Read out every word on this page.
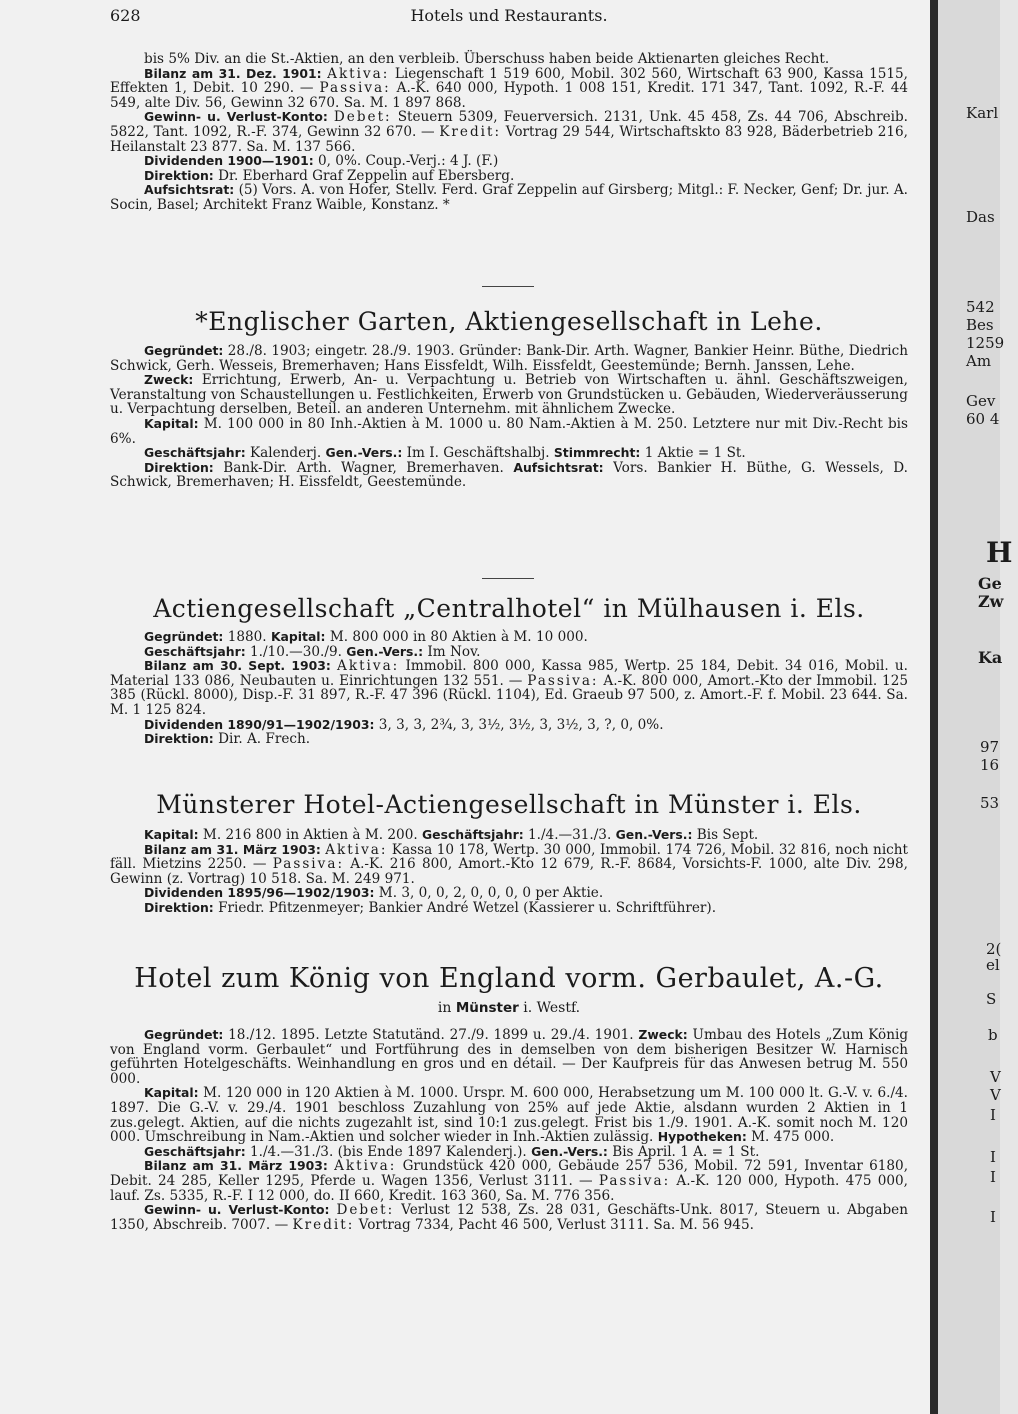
Karl
Das
542
Bes
1259
Am
Gev
60 4
H
Ge
Zw
Ka
97
16
53
2(
el
S
b
V
V
I
I
I
I
628	Hotels und Restaurants.

bis 5% Div. an die St.-Aktien, an den verbleib. Überschuss haben beide Aktienarten gleiches Recht.

Bilanz am 31. Dez. 1901: Aktiva: Liegenschaft 1 519 600, Mobil. 302 560, Wirtschaft 63 900, Kassa 1515, Effekten 1, Debit. 10 290. — Passiva: A.-K. 640 000, Hypoth. 1 008 151, Kredit. 171 347, Tant. 1092, R.-F. 44 549, alte Div. 56, Gewinn 32 670. Sa. M. 1 897 868.

Gewinn- u. Verlust-Konto: Debet: Steuern 5309, Feuerversich. 2131, Unk. 45 458, Zs. 44 706, Abschreib. 5822, Tant. 1092, R.-F. 374, Gewinn 32 670. — Kredit: Vortrag 29 544, Wirtschaftskto 83 928, Bäderbetrieb 216, Heilanstalt 23 877. Sa. M. 137 566.

Dividenden 1900—1901: 0, 0%. Coup.-Verj.: 4 J. (F.)

Direktion: Dr. Eberhard Graf Zeppelin auf Ebersberg.

Aufsichtsrat: (5) Vors. A. von Hofer, Stellv. Ferd. Graf Zeppelin auf Girsberg; Mitgl.: F. Necker, Genf; Dr. jur. A. Socin, Basel; Architekt Franz Waible, Konstanz. *

*Englischer Garten, Aktiengesellschaft in Lehe.

Gegründet: 28./8. 1903; eingetr. 28./9. 1903. Gründer: Bank-Dir. Arth. Wagner, Bankier Heinr. Büthe, Diedrich Schwick, Gerh. Wesseis, Bremerhaven; Hans Eissfeldt, Wilh. Eissfeldt, Geestemünde; Bernh. Janssen, Lehe.

Zweck: Errichtung, Erwerb, An- u. Verpachtung u. Betrieb von Wirtschaften u. ähnl. Geschäftszweigen, Veranstaltung von Schaustellungen u. Festlichkeiten, Erwerb von Grundstücken u. Gebäuden, Wiederveräusserung u. Verpachtung derselben, Beteil. an anderen Unternehm. mit ähnlichem Zwecke.

Kapital: M. 100 000 in 80 Inh.-Aktien à M. 1000 u. 80 Nam.-Aktien à M. 250. Letztere nur mit Div.-Recht bis 6%.

Geschäftsjahr: Kalenderj. Gen.-Vers.: Im I. Geschäftshalbj. Stimmrecht: 1 Aktie = 1 St.

Direktion: Bank-Dir. Arth. Wagner, Bremerhaven. Aufsichtsrat: Vors. Bankier H. Büthe, G. Wessels, D. Schwick, Bremerhaven; H. Eissfeldt, Geestemünde.

Actiengesellschaft „Centralhotel“ in Mülhausen i. Els.

Gegründet: 1880. Kapital: M. 800 000 in 80 Aktien à M. 10 000.

Geschäftsjahr: 1./10.—30./9. Gen.-Vers.: Im Nov.

Bilanz am 30. Sept. 1903: Aktiva: Immobil. 800 000, Kassa 985, Wertp. 25 184, Debit. 34 016, Mobil. u. Material 133 086, Neubauten u. Einrichtungen 132 551. — Passiva: A.-K. 800 000, Amort.-Kto der Immobil. 125 385 (Rückl. 8000), Disp.-F. 31 897, R.-F. 47 396 (Rückl. 1104), Ed. Graeub 97 500, z. Amort.-F. f. Mobil. 23 644. Sa. M. 1 125 824.

Dividenden 1890/91—1902/1903: 3, 3, 3, 2¾, 3, 3½, 3½, 3, 3½, 3, ?, 0, 0%.

Direktion: Dir. A. Frech.

Münsterer Hotel-Actiengesellschaft in Münster i. Els.

Kapital: M. 216 800 in Aktien à M. 200. Geschäftsjahr: 1./4.—31./3. Gen.-Vers.: Bis Sept.

Bilanz am 31. März 1903: Aktiva: Kassa 10 178, Wertp. 30 000, Immobil. 174 726, Mobil. 32 816, noch nicht fäll. Mietzins 2250. — Passiva: A.-K. 216 800, Amort.-Kto 12 679, R.-F. 8684, Vorsichts-F. 1000, alte Div. 298, Gewinn (z. Vortrag) 10 518. Sa. M. 249 971.

Dividenden 1895/96—1902/1903: M. 3, 0, 0, 2, 0, 0, 0, 0 per Aktie.

Direktion: Friedr. Pfitzenmeyer; Bankier André Wetzel (Kassierer u. Schriftführer).

Hotel zum König von England vorm. Gerbaulet, A.-G.
in Münster i. Westf.

Gegründet: 18./12. 1895. Letzte Statutänd. 27./9. 1899 u. 29./4. 1901. Zweck: Umbau des Hotels „Zum König von England vorm. Gerbaulet“ und Fortführung des in demselben von dem bisherigen Besitzer W. Harnisch geführten Hotelgeschäfts. Weinhandlung en gros und en détail. — Der Kaufpreis für das Anwesen betrug M. 550 000.

Kapital: M. 120 000 in 120 Aktien à M. 1000. Urspr. M. 600 000, Herabsetzung um M. 100 000 lt. G.-V. v. 6./4. 1897. Die G.-V. v. 29./4. 1901 beschloss Zuzahlung von 25% auf jede Aktie, alsdann wurden 2 Aktien in 1 zus.gelegt. Aktien, auf die nichts zugezahlt ist, sind 10:1 zus.gelegt. Frist bis 1./9. 1901. A.-K. somit noch M. 120 000. Umschreibung in Nam.-Aktien und solcher wieder in Inh.-Aktien zulässig. Hypotheken: M. 475 000.

Geschäftsjahr: 1./4.—31./3. (bis Ende 1897 Kalenderj.). Gen.-Vers.: Bis April. 1 A. = 1 St.

Bilanz am 31. März 1903: Aktiva: Grundstück 420 000, Gebäude 257 536, Mobil. 72 591, Inventar 6180, Debit. 24 285, Keller 1295, Pferde u. Wagen 1356, Verlust 3111. — Passiva: A.-K. 120 000, Hypoth. 475 000, lauf. Zs. 5335, R.-F. I 12 000, do. II 660, Kredit. 163 360, Sa. M. 776 356.

Gewinn- u. Verlust-Konto: Debet: Verlust 12 538, Zs. 28 031, Geschäfts-Unk. 8017, Steuern u. Abgaben 1350, Abschreib. 7007. — Kredit: Vortrag 7334, Pacht 46 500, Verlust 3111. Sa. M. 56 945.
